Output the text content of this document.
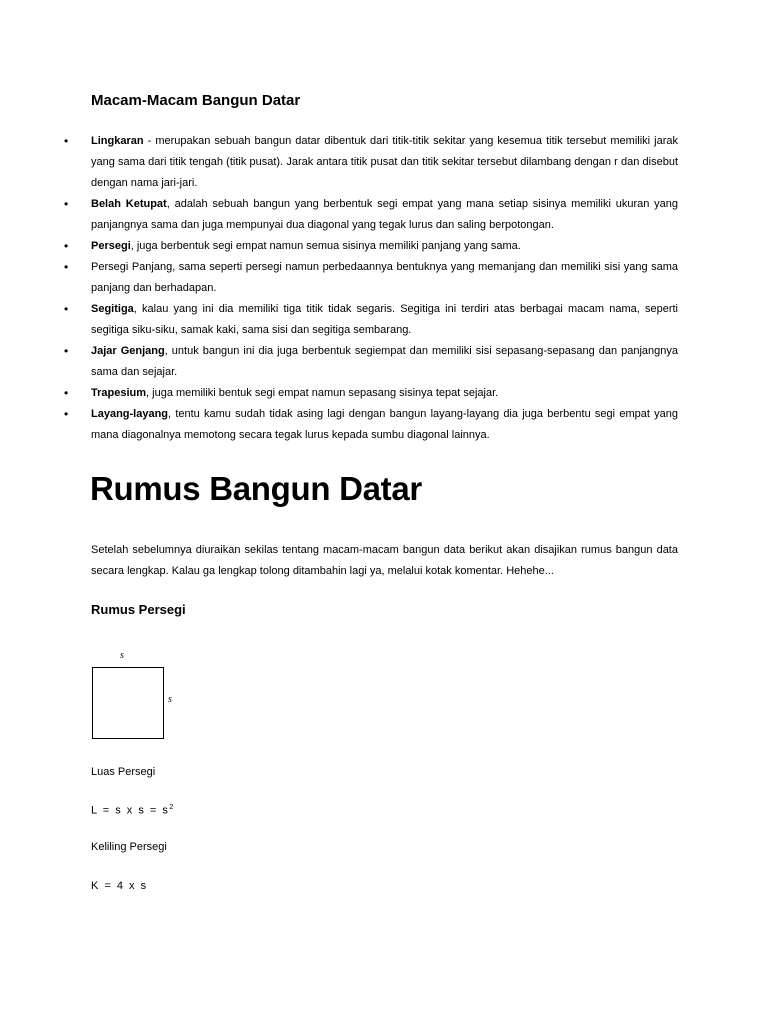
Macam-Macam Bangun Datar
• Lingkaran - merupakan sebuah bangun datar dibentuk dari titik-titik sekitar yang kesemua titik tersebut memiliki jarak yang sama dari titik tengah (titik pusat). Jarak antara titik pusat dan titik sekitar tersebut dilambang dengan r dan disebut dengan nama jari-jari.
• Belah Ketupat, adalah sebuah bangun yang berbentuk segi empat yang mana setiap sisinya memiliki ukuran yang panjangnya sama dan juga mempunyai dua diagonal yang tegak lurus dan saling berpotongan.
• Persegi, juga berbentuk segi empat namun semua sisinya memiliki panjang yang sama.
• Persegi Panjang, sama seperti persegi namun perbedaannya bentuknya yang memanjang dan memiliki sisi yang sama panjang dan berhadapan.
• Segitiga, kalau yang ini dia memiliki tiga titik tidak segaris. Segitiga ini terdiri atas berbagai macam nama, seperti segitiga siku-siku, samak kaki, sama sisi dan segitiga sembarang.
• Jajar Genjang, untuk bangun ini dia juga berbentuk segiempat dan memiliki sisi sepasang-sepasang dan panjangnya sama dan sejajar.
• Trapesium, juga memiliki bentuk segi empat namun sepasang sisinya tepat sejajar.
• Layang-layang, tentu kamu sudah tidak asing lagi dengan bangun layang-layang dia juga berbentu segi empat yang mana diagonalnya memotong secara tegak lurus kepada sumbu diagonal lainnya.
Rumus Bangun Datar

Setelah sebelumnya diuraikan sekilas tentang macam-macam bangun data berikut akan disajikan rumus bangun data secara lengkap. Kalau ga lengkap tolong ditambahin lagi ya, melalui kotak komentar. Hehehe...

Rumus Persegi
s
s

Luas Persegi

L = s x $s = s^2$

Keliling Persegi

K = 4 x s
